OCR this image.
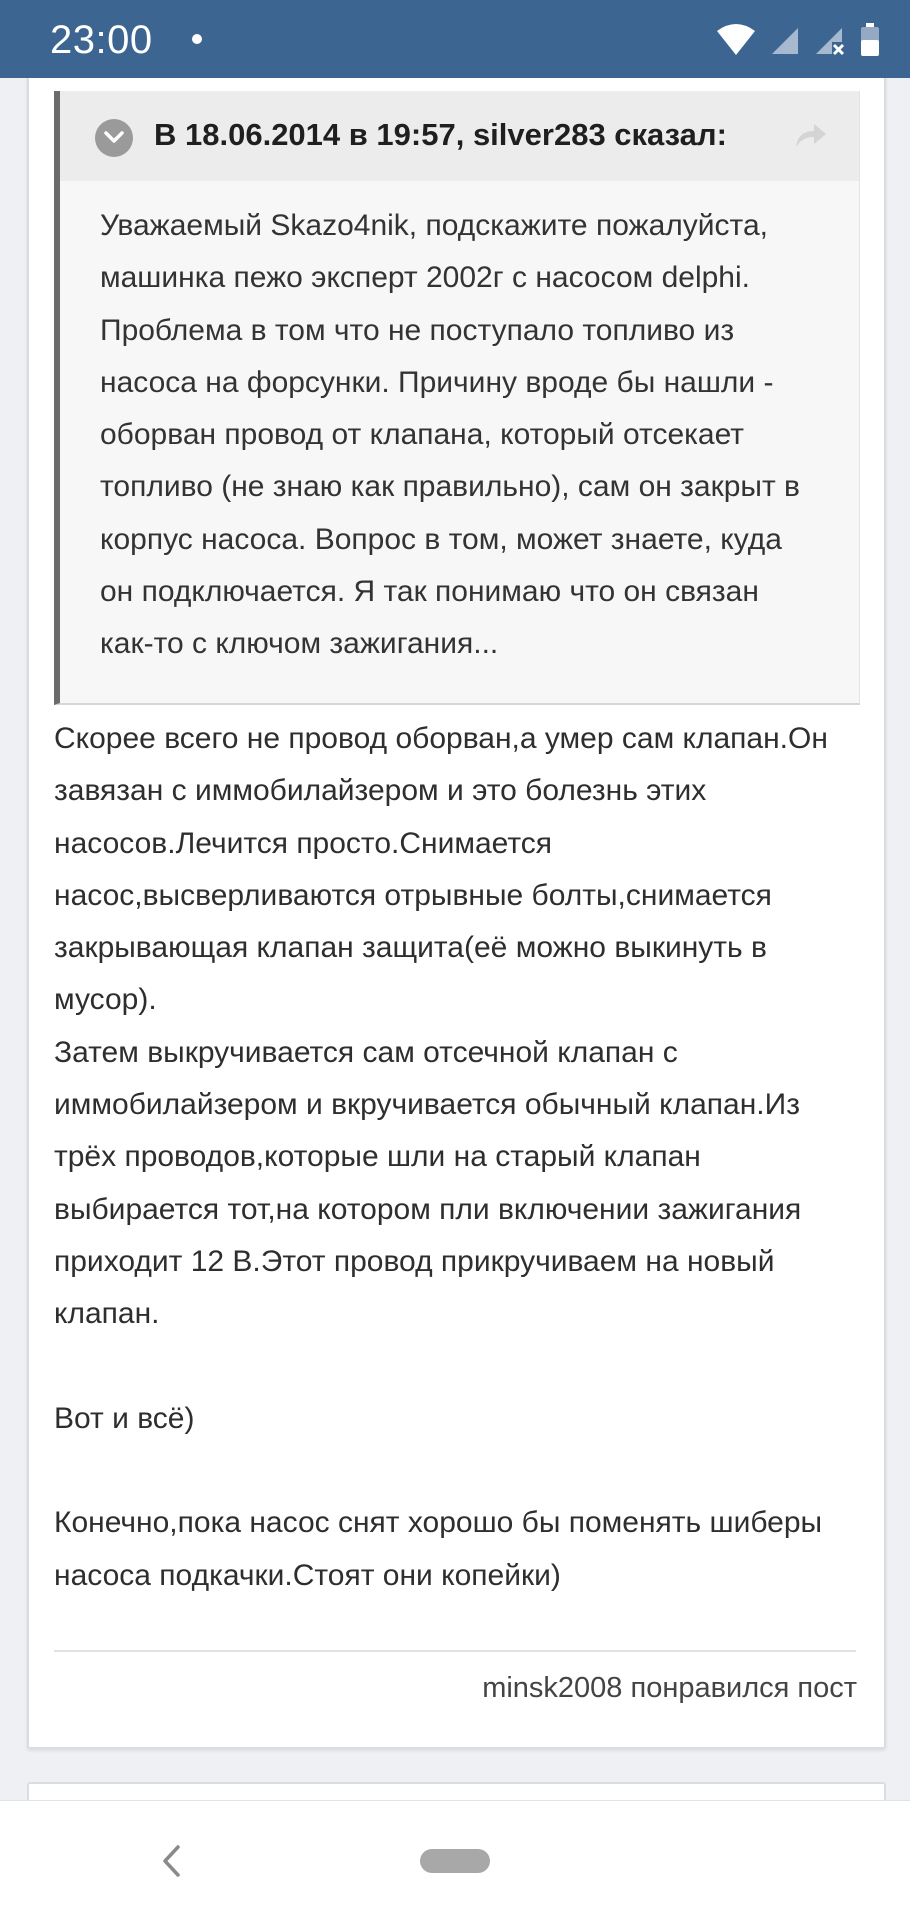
23:00
В 18.06.2014 в 19:57, silver283 сказал:
Уважаемый Skazo4nik, подскажите пожалуйста, машинка пежо эксперт 2002г с насосом delphi. Проблема в том что не поступало топливо из насоса на форсунки. Причину вроде бы нашли - оборван провод от клапана, который отсекает топливо (не знаю как правильно), сам он закрыт в корпус насоса. Вопрос в том, может знаете, куда он подключается. Я так понимаю что он связан как-то с ключом зажигания...

Скорее всего не провод оборван,а умер сам клапан.Он завязан с иммобилайзером и это болезнь этих насосов.Лечится просто.Снимается насос,высверливаются отрывные болты,снимается закрывающая клапан защита(её можно выкинуть в мусор).
Затем выкручивается сам отсечной клапан с иммобилайзером и вкручивается обычный клапан.Из трёх проводов,которые шли на старый клапан выбирается тот,на котором пли включении зажигания приходит 12 В.Этот провод прикручиваем на новый клапан.

Вот и всё)

Конечно,пока насос снят хорошо бы поменять шиберы насоса подкачки.Стоят они копейки)

minsk2008 понравился пост
